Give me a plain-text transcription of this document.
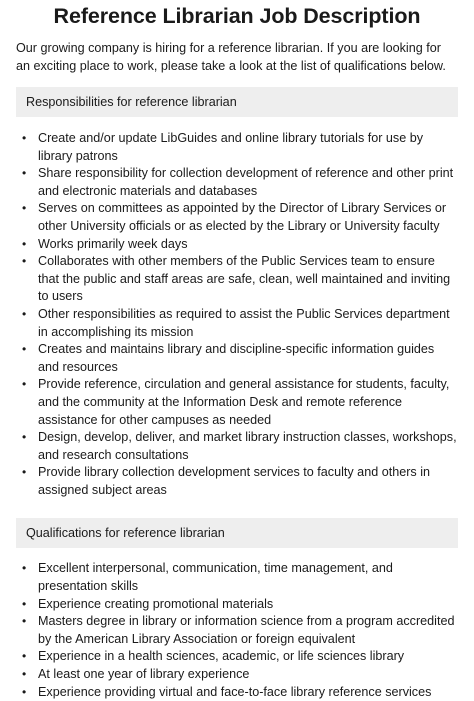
Reference Librarian Job Description

Our growing company is hiring for a reference librarian. If you are looking for an exciting place to work, please take a look at the list of qualifications below.

Responsibilities for reference librarian
• Create and/or update LibGuides and online library tutorials for use by library patrons
• Share responsibility for collection development of reference and other print and electronic materials and databases
• Serves on committees as appointed by the Director of Library Services or other University officials or as elected by the Library or University faculty
• Works primarily week days
• Collaborates with other members of the Public Services team to ensure that the public and staff areas are safe, clean, well maintained and inviting to users
• Other responsibilities as required to assist the Public Services department in accomplishing its mission
• Creates and maintains library and discipline-specific information guides and resources
• Provide reference, circulation and general assistance for students, faculty, and the community at the Information Desk and remote reference assistance for other campuses as needed
• Design, develop, deliver, and market library instruction classes, workshops, and research consultations
• Provide library collection development services to faculty and others in assigned subject areas
Qualifications for reference librarian
• Excellent interpersonal, communication, time management, and presentation skills
• Experience creating promotional materials
• Masters degree in library or information science from a program accredited by the American Library Association or foreign equivalent
• Experience in a health sciences, academic, or life sciences library
• At least one year of library experience
• Experience providing virtual and face-to-face library reference services
